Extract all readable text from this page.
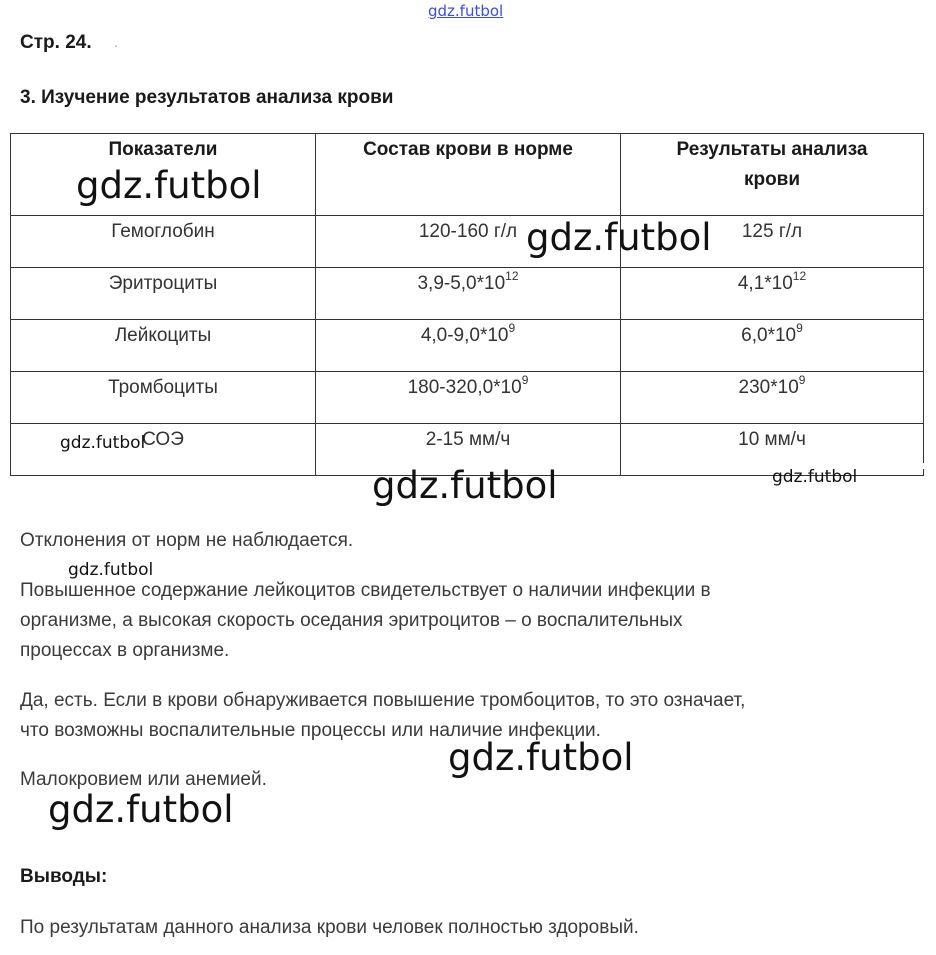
gdz.futbol
Стр. 24. .
3. Изучение результатов анализа крови
Показатели	Состав крови в норме	Результаты анализа крови
Гемоглобин	120-160 г/л	125 г/л
Эритроциты	$3,9-5,0*10^{12}$	$4,1*10^{12}$
Лейкоциты	$4,0-9,0*10^9$	$6,0*10^9$
Тромбоциты	$180-320,0*10^9$	$230*10^9$
СОЭ	2-15 мм/ч	10 мм/ч
Отклонения от норм не наблюдается.
Повышенное содержание лейкоцитов свидетельствует о наличии инфекции в
организме, а высокая скорость оседания эритроцитов – о воспалительных
процессах в организме.
Да, есть. Если в крови обнаруживается повышение тромбоцитов, то это означает,
что возможны воспалительные процессы или наличие инфекции.
Малокровием или анемией.
Выводы:
По результатам данного анализа крови человек полностью здоровый.
gdz.futbol
gdz.futbol
gdz.futbol
gdz.futbol	gdz.futbol
gdz.futbol
gdz.futbol
gdz.futbol
